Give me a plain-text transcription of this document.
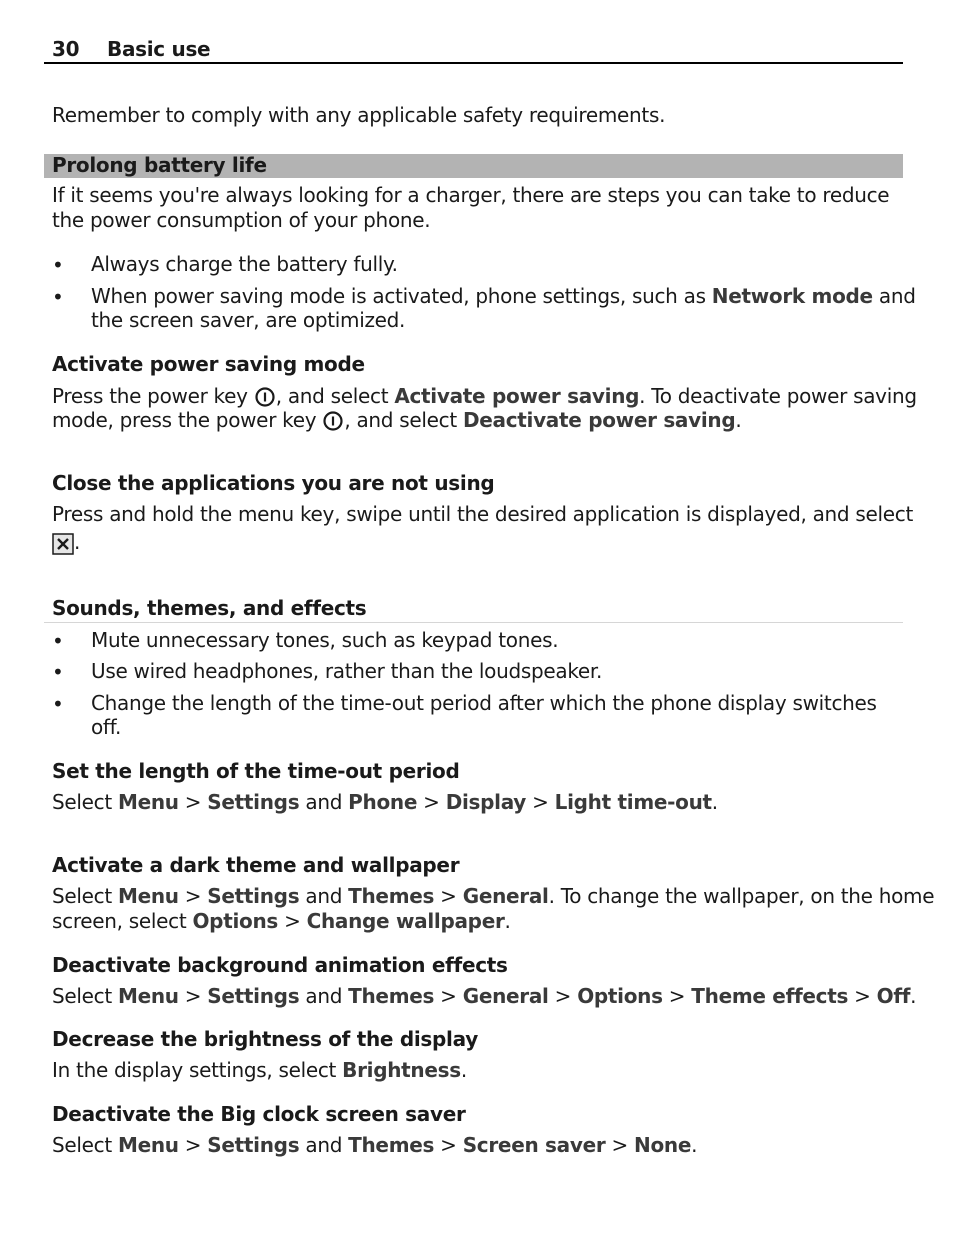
30 Basic use
Remember to comply with any applicable safety requirements.
Prolong battery life
If it seems you're always looking for a charger, there are steps you can take to reduce
the power consumption of your phone.
• Always charge the battery fully.
• When power saving mode is activated, phone settings, such as Network mode and
the screen saver, are optimized.
Activate power saving mode
Press the power key , and select Activate power saving. To deactivate power saving
mode, press the power key , and select Deactivate power saving.
Close the applications you are not using
Press and hold the menu key, swipe until the desired application is displayed, and select
.
Sounds, themes, and effects
• Mute unnecessary tones, such as keypad tones.
• Use wired headphones, rather than the loudspeaker.
• Change the length of the time-out period after which the phone display switches
off.
Set the length of the time-out period
Select Menu > Settings and Phone > Display > Light time-out.
Activate a dark theme and wallpaper
Select Menu > Settings and Themes > General. To change the wallpaper, on the home
screen, select Options > Change wallpaper.
Deactivate background animation effects
Select Menu > Settings and Themes > General > Options > Theme effects > Off.
Decrease the brightness of the display
In the display settings, select Brightness.
Deactivate the Big clock screen saver
Select Menu > Settings and Themes > Screen saver > None.
